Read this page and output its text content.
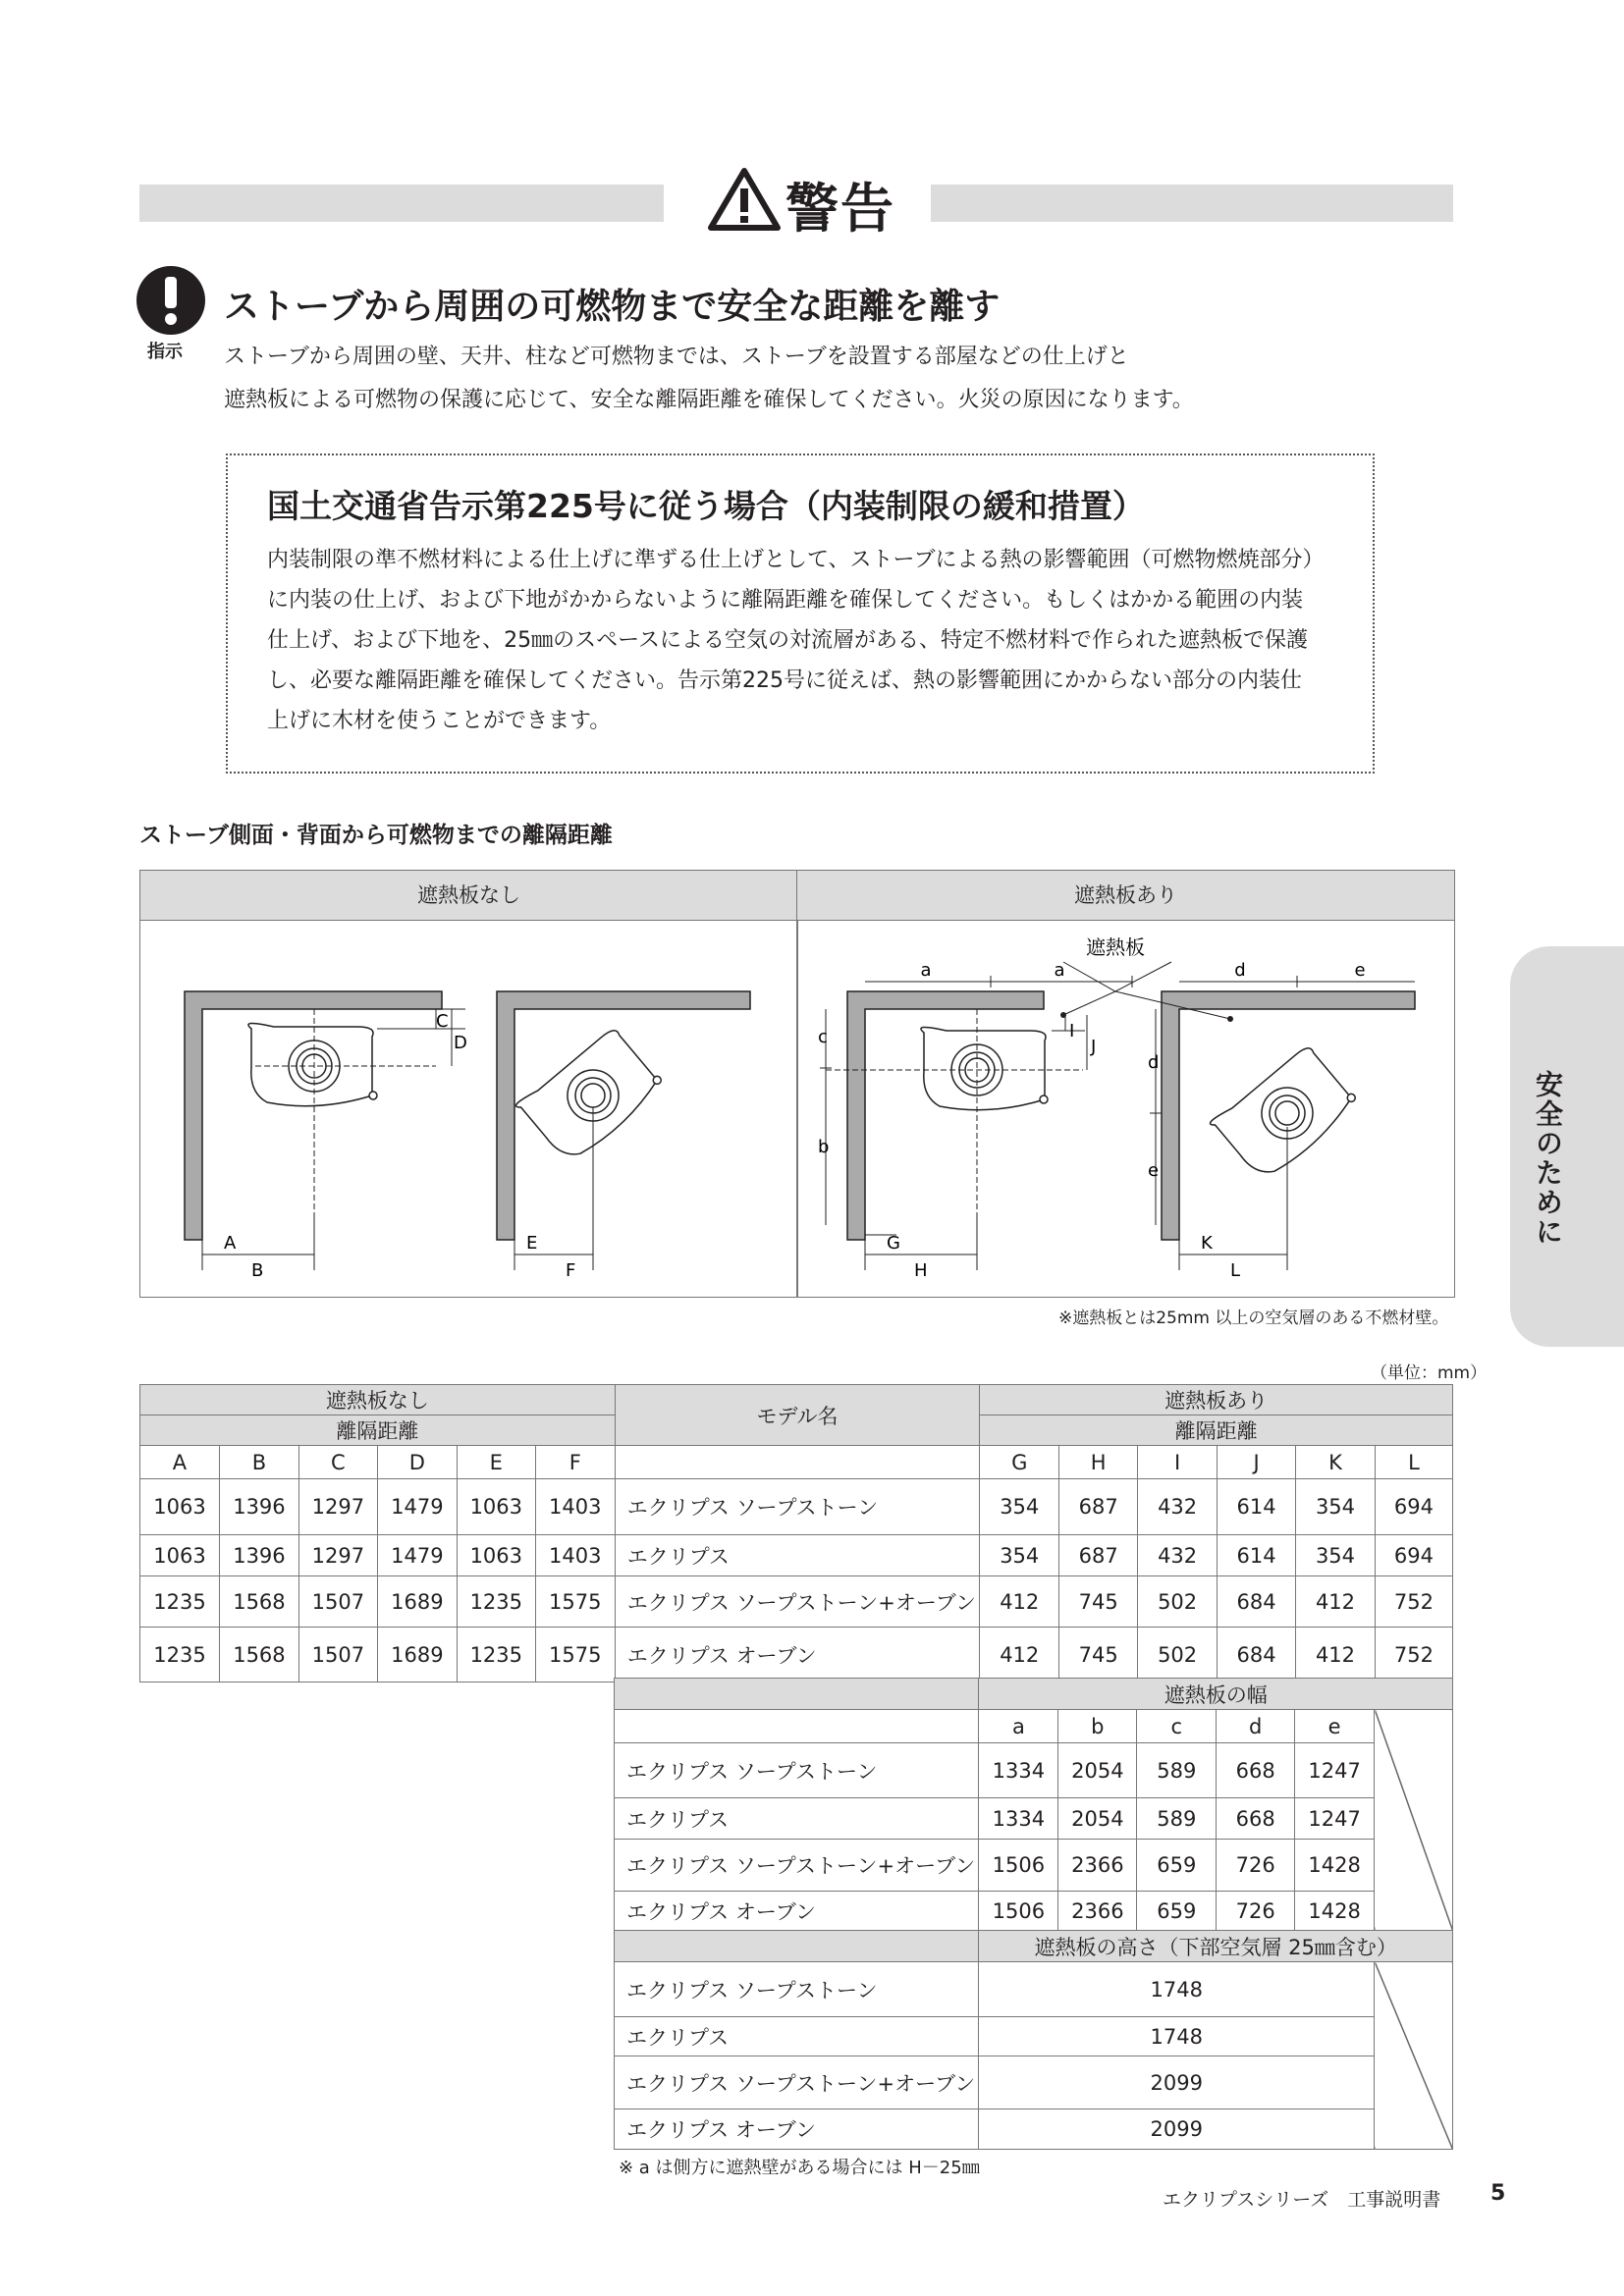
警告
指示
ストーブから周囲の可燃物まで安全な距離を離す
ストーブから周囲の壁、天井、柱など可燃物までは、ストーブを設置する部屋などの仕上げと
遮熱板による可燃物の保護に応じて、安全な離隔距離を確保してください。火災の原因になります。
国土交通省告示第225号に従う場合（内装制限の緩和措置）
内装制限の準不燃材料による仕上げに準ずる仕上げとして、ストーブによる熱の影響範囲（可燃物燃焼部分）
に内装の仕上げ、および下地がかからないように離隔距離を確保してください。もしくはかかる範囲の内装
仕上げ、および下地を、25㎜のスペースによる空気の対流層がある、特定不燃材料で作られた遮熱板で保護
し、必要な離隔距離を確保してください。告示第225号に従えば、熱の影響範囲にかからない部分の内装仕
上げに木材を使うことができます。
ストーブ側面・背面から可燃物までの離隔距離
遮熱板なし	遮熱板あり
C
D
A
B
E
F
遮熱板
a	a	d	e
c
b
d
e
I
J
G
H
K
L
※遮熱板とは25mm 以上の空気層のある不燃材壁。
（単位：mm）
遮熱板なし						モデル名	遮熱板あり					
離隔距離							離隔距離					
A	B	C	D	E	F		G	H	I	J	K	L
1063	1396	1297	1479	1063	1403	エクリプス ソープストーン	354	687	432	614	354	694
1063	1396	1297	1479	1063	1403	エクリプス	354	687	432	614	354	694
1235	1568	1507	1689	1235	1575	エクリプス ソープストーン+オーブン	412	745	502	684	412	752
1235	1568	1507	1689	1235	1575	エクリプス オーブン	412	745	502	684	412	752
	遮熱板の幅					
	a	b	c	d	e	
エクリプス ソープストーン	1334	2054	589	668	1247	
エクリプス	1334	2054	589	668	1247	
エクリプス ソープストーン+オーブン	1506	2366	659	726	1428	
エクリプス オーブン	1506	2366	659	726	1428	
	遮熱板の高さ（下部空気層 25㎜含む）					
エクリプス ソープストーン	1748					
エクリプス	1748					
エクリプス ソープストーン+オーブン	2099					
エクリプス オーブン	2099					
※ a は側方に遮熱壁がある場合には H－25㎜
安全のために
エクリプスシリーズ　工事説明書 5
